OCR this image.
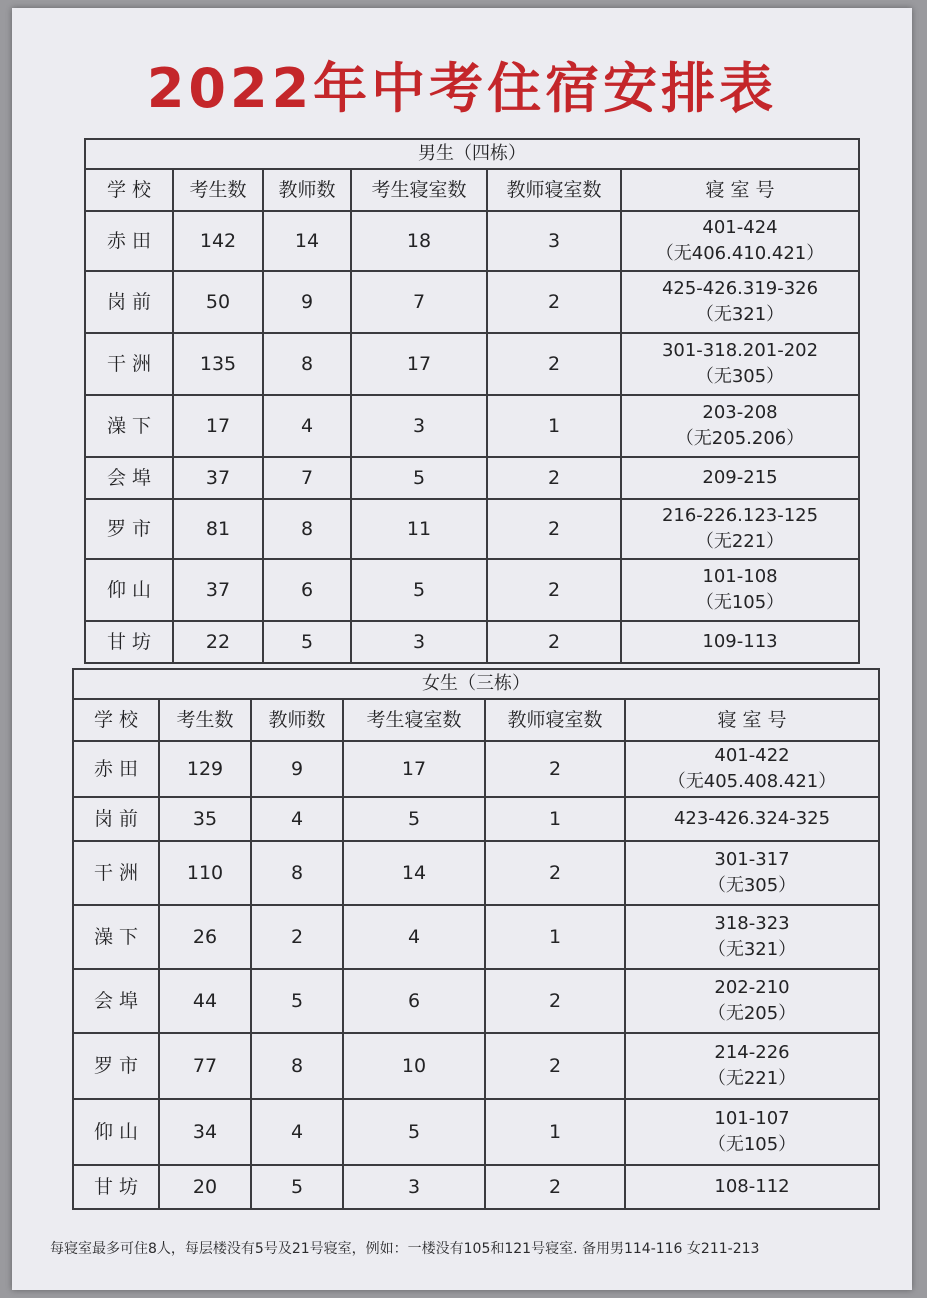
2022年中考住宿安排表
男生（四栋）					
学 校	考生数	教师数	考生寝室数	教师寝室数	寝 室 号
赤 田	142	14	18	3	401-424
（无406.410.421）

岗 前	50	9	7	2	425-426.319-326
（无321）

干 洲	135	8	17	2	301-318.201-202
（无305）

澡 下	17	4	3	1	203-208
（无205.206）

会 埠	37	7	5	2	209-215

罗 市	81	8	11	2	216-226.123-125
（无221）

仰 山	37	6	5	2	101-108
（无105）

甘 坊	22	5	3	2	109-113
女生（三栋）					
学 校	考生数	教师数	考生寝室数	教师寝室数	寝 室 号
赤 田	129	9	17	2	401-422
（无405.408.421）

岗 前	35	4	5	1	423-426.324-325

干 洲	110	8	14	2	301-317
（无305）

澡 下	26	2	4	1	318-323
（无321）

会 埠	44	5	6	2	202-210
（无205）

罗 市	77	8	10	2	214-226
（无221）

仰 山	34	4	5	1	101-107
（无105）

甘 坊	20	5	3	2	108-112
每寝室最多可住8人，每层楼没有5号及21号寝室，例如：一楼没有105和121号寝室. 备用男114-116 女211-213
